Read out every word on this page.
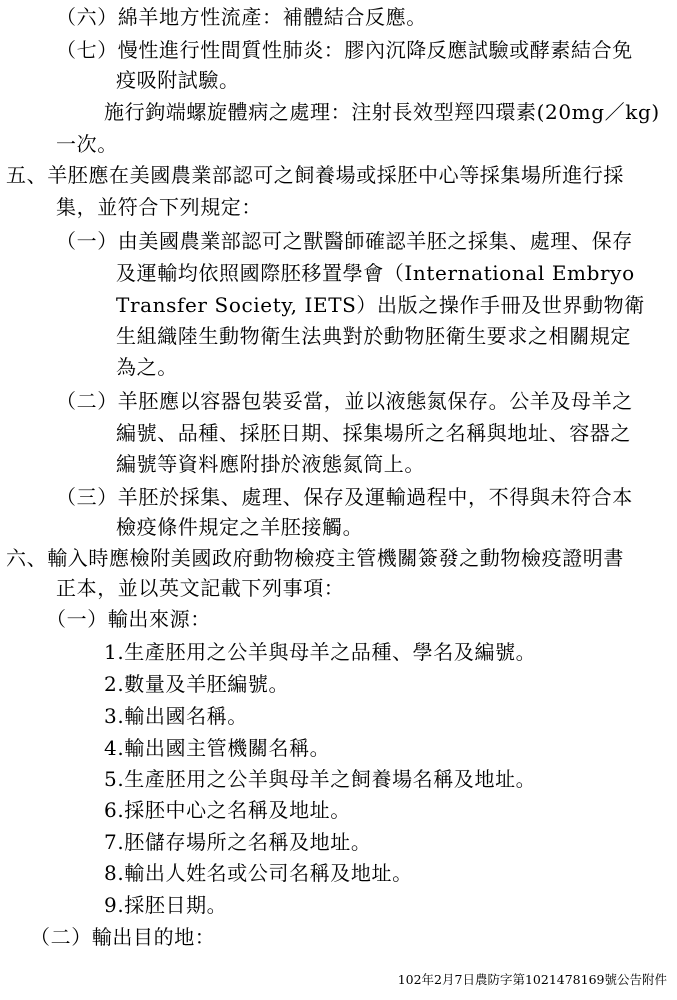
（六）綿羊地方性流產：補體結合反應。
（七）慢性進行性間質性肺炎：膠內沉降反應試驗或酵素結合免
疫吸附試驗。
施行鉤端螺旋體病之處理：注射長效型羥四環素(20mg／kg)
一次。
五、羊胚應在美國農業部認可之飼養場或採胚中心等採集場所進行採
集，並符合下列規定：
（一）由美國農業部認可之獸醫師確認羊胚之採集、處理、保存
及運輸均依照國際胚移置學會（International Embryo
Transfer Society, IETS）出版之操作手冊及世界動物衛
生組織陸生動物衛生法典對於動物胚衛生要求之相關規定
為之。
（二）羊胚應以容器包裝妥當，並以液態氮保存。公羊及母羊之
編號、品種、採胚日期、採集場所之名稱與地址、容器之
編號等資料應附掛於液態氮筒上。
（三）羊胚於採集、處理、保存及運輸過程中，不得與未符合本
檢疫條件規定之羊胚接觸。
六、輸入時應檢附美國政府動物檢疫主管機關簽發之動物檢疫證明書
正本，並以英文記載下列事項：
（一）輸出來源：
1.生產胚用之公羊與母羊之品種、學名及編號。
2.數量及羊胚編號。
3.輸出國名稱。
4.輸出國主管機關名稱。
5.生產胚用之公羊與母羊之飼養場名稱及地址。
6.採胚中心之名稱及地址。
7.胚儲存場所之名稱及地址。
8.輸出人姓名或公司名稱及地址。
9.採胚日期。
（二）輸出目的地：
102年2月7日農防字第1021478169號公告附件
